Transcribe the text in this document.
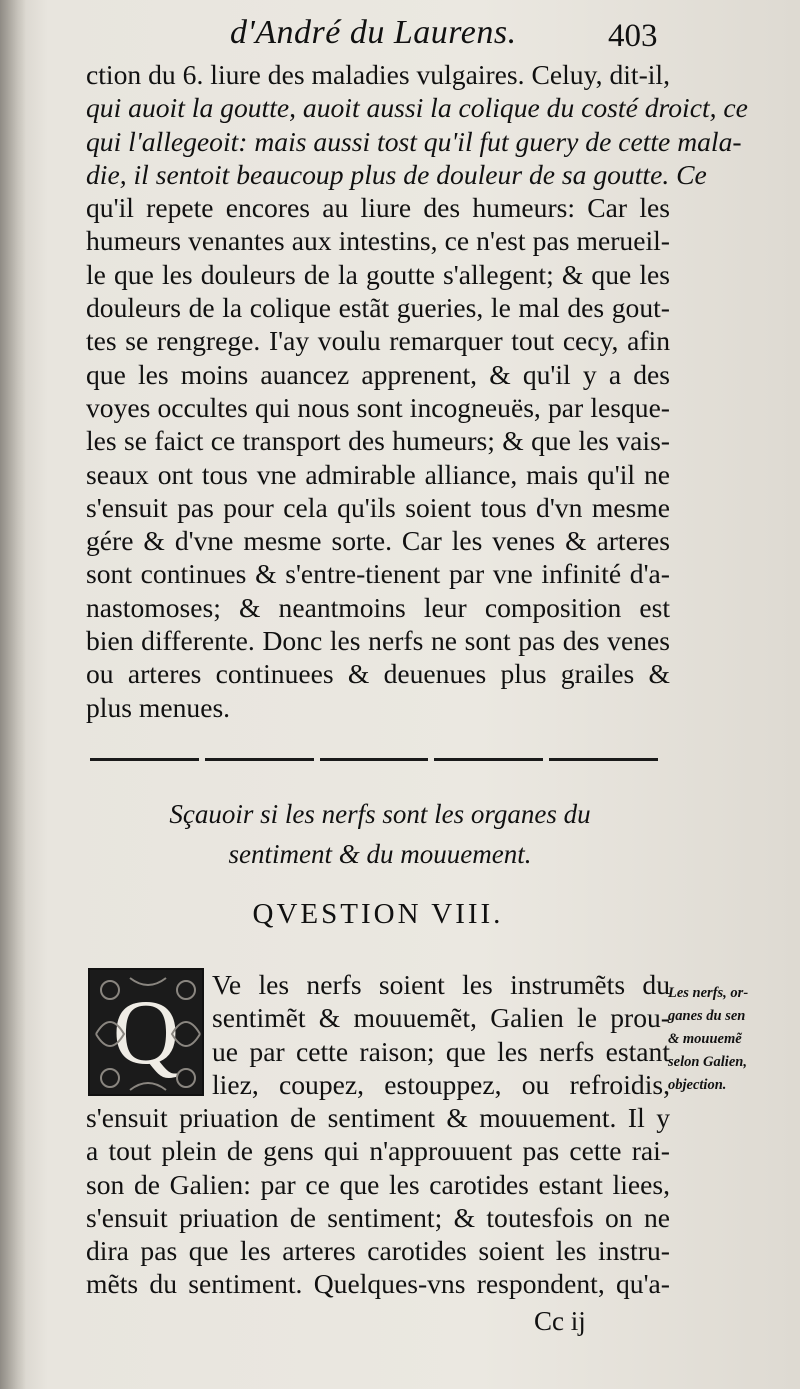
d'André du Laurens.	403
ction du 6. liure des maladies vulgaires. Celuy, dit-il,
qui auoit la goutte, auoit aussi la colique du costé droict, ce
qui l'allegeoit: mais aussi tost qu'il fut guery de cette mala-
die, il sentoit beaucoup plus de douleur de sa goutte. Ce
qu'il repete encores au liure des humeurs: Car les
humeurs venantes aux intestins, ce n'est pas merueil-
le que les douleurs de la goutte s'allegent; & que les
douleurs de la colique estãt gueries, le mal des gout-
tes se rengrege. I'ay voulu remarquer tout cecy, afin
que les moins auancez apprenent, & qu'il y a des
voyes occultes qui nous sont incogneuës, par lesque-
les se faict ce transport des humeurs; & que les vais-
seaux ont tous vne admirable alliance, mais qu'il ne
s'ensuit pas pour cela qu'ils soient tous d'vn mesme
gére & d'vne mesme sorte. Car les venes & arteres
sont continues & s'entre-tienent par vne infinité d'a-
nastomoses; & neantmoins leur composition est
bien differente. Donc les nerfs ne sont pas des venes
ou arteres continuees & deuenues plus grailes &
plus menues.
Sçauoir si les nerfs sont les organes du
sentiment & du mouuement.
QVESTION VIII.
Q Ve les nerfs soient les instrumẽts du
sentimẽt & mouuemẽt, Galien le prou-
ue par cette raison; que les nerfs estant
liez, coupez, estouppez, ou refroidis,
s'ensuit priuation de sentiment & mouuement. Il y
a tout plein de gens qui n'approuuent pas cette rai-
son de Galien: par ce que les carotides estant liees,
s'ensuit priuation de sentiment; & toutesfois on ne
dira pas que les arteres carotides soient les instru-
mẽts du sentiment. Quelques-vns respondent, qu'a-
Les nerfs, or-
ganes du sen
& mouuemẽ
selon Galien,
objection.
Cc ij
